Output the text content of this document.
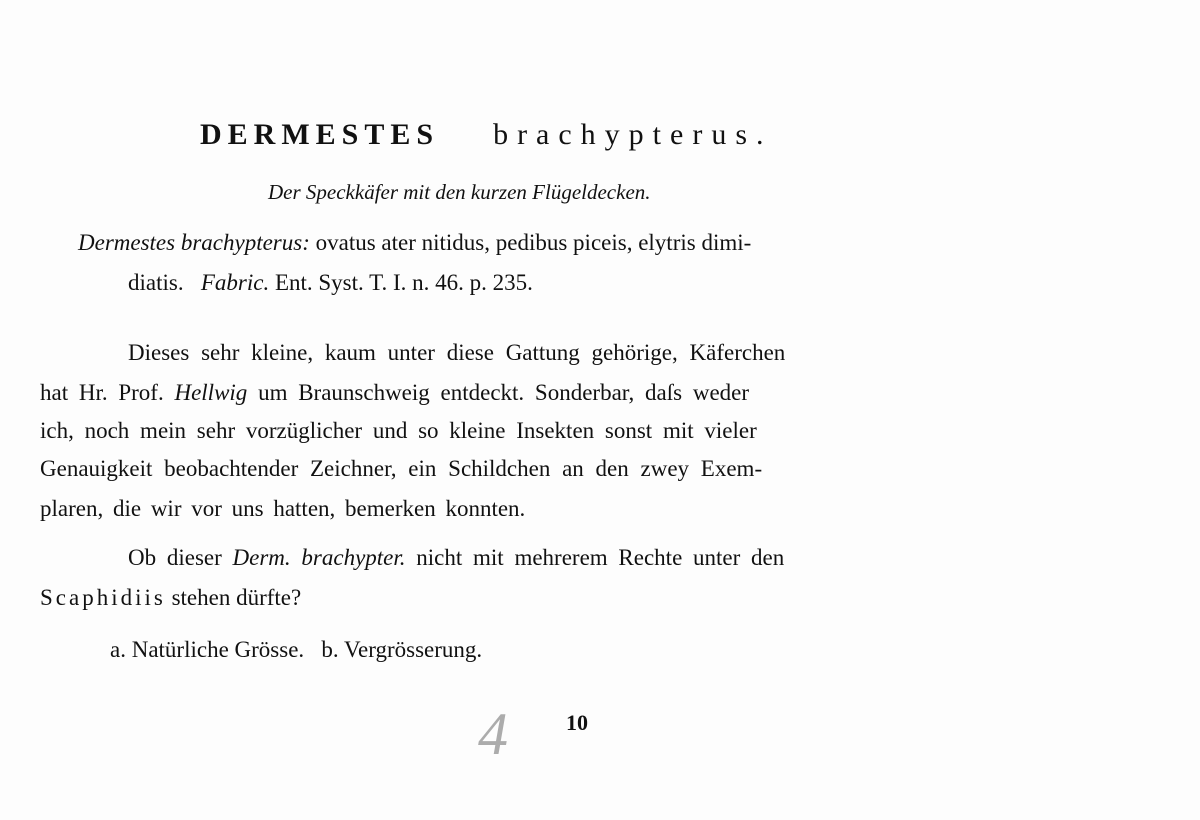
DERMESTES brachypterus.
Der Speckkäfer mit den kurzen Flügeldecken.
Dermestes brachypterus: ovatus ater nitidus, pedibus piceis, elytris dimi-
diatis. Fabric. Ent. Syst. T. I. n. 46. p. 235.
Dieses sehr kleine, kaum unter diese Gattung gehörige, Käferchen
hat Hr. Prof. Hellwig um Braunschweig entdeckt. Sonderbar, daſs weder
ich, noch mein sehr vorzüglicher und so kleine Insekten sonst mit vieler
Genauigkeit beobachtender Zeichner, ein Schildchen an den zwey Exem-
plaren, die wir vor uns hatten, bemerken konnten.
Ob dieser Derm. brachypter. nicht mit mehrerem Rechte unter den
Scaphidiis stehen dürfte?
a. Natürliche Grösse.   b. Vergrösserung.
10
4
